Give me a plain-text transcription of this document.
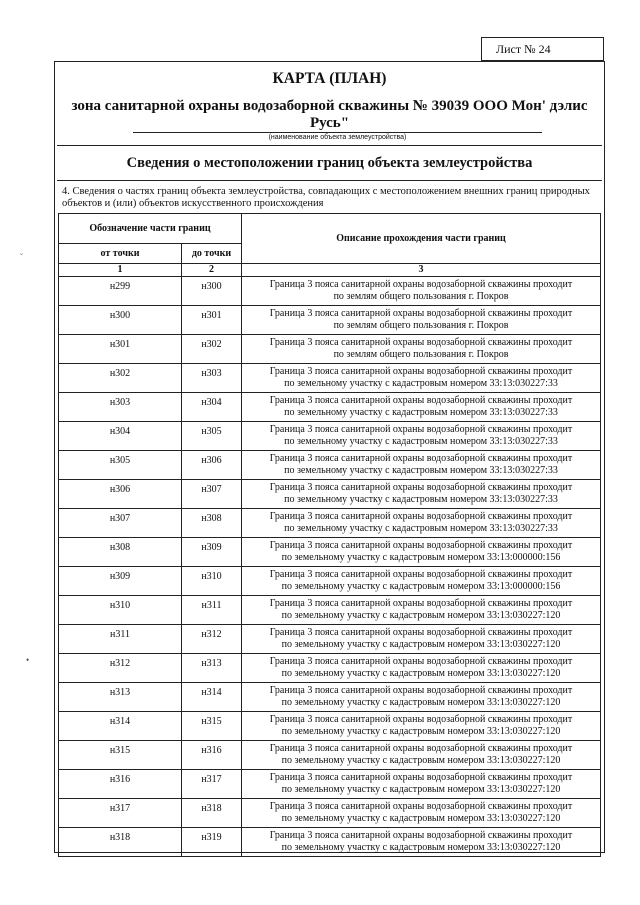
Лист № 24
КАРТА (ПЛАН)
зона санитарной охраны водозаборной скважины № 39039 ООО Мон' дэлис Русь"
(наименование объекта землеустройства)
Сведения о местоположении границ объекта землеустройства
4. Сведения о частях границ объекта землеустройства, совпадающих с местоположением внешних границ природных объектов и (или) объектов искусственного происхождения
Обозначение части границ		Описание прохождения части границ
от точки	до точки	
1	2	3
н299	н300	Граница 3 пояса санитарной охраны водозаборной скважины проходит
по землям общего пользования г. Покров

н300	н301	Граница 3 пояса санитарной охраны водозаборной скважины проходит
по землям общего пользования г. Покров

н301	н302	Граница 3 пояса санитарной охраны водозаборной скважины проходит
по землям общего пользования г. Покров

н302	н303	Граница 3 пояса санитарной охраны водозаборной скважины проходит
по земельному участку с кадастровым номером 33:13:030227:33

н303	н304	Граница 3 пояса санитарной охраны водозаборной скважины проходит
по земельному участку с кадастровым номером 33:13:030227:33

н304	н305	Граница 3 пояса санитарной охраны водозаборной скважины проходит
по земельному участку с кадастровым номером 33:13:030227:33

н305	н306	Граница 3 пояса санитарной охраны водозаборной скважины проходит
по земельному участку с кадастровым номером 33:13:030227:33

н306	н307	Граница 3 пояса санитарной охраны водозаборной скважины проходит
по земельному участку с кадастровым номером 33:13:030227:33

н307	н308	Граница 3 пояса санитарной охраны водозаборной скважины проходит
по земельному участку с кадастровым номером 33:13:030227:33

н308	н309	Граница 3 пояса санитарной охраны водозаборной скважины проходит
по земельному участку с кадастровым номером 33:13:000000:156

н309	н310	Граница 3 пояса санитарной охраны водозаборной скважины проходит
по земельному участку с кадастровым номером 33:13:000000:156

н310	н311	Граница 3 пояса санитарной охраны водозаборной скважины проходит
по земельному участку с кадастровым номером 33:13:030227:120

н311	н312	Граница 3 пояса санитарной охраны водозаборной скважины проходит
по земельному участку с кадастровым номером 33:13:030227:120

н312	н313	Граница 3 пояса санитарной охраны водозаборной скважины проходит
по земельному участку с кадастровым номером 33:13:030227:120

н313	н314	Граница 3 пояса санитарной охраны водозаборной скважины проходит
по земельному участку с кадастровым номером 33:13:030227:120

н314	н315	Граница 3 пояса санитарной охраны водозаборной скважины проходит
по земельному участку с кадастровым номером 33:13:030227:120

н315	н316	Граница 3 пояса санитарной охраны водозаборной скважины проходит
по земельному участку с кадастровым номером 33:13:030227:120

н316	н317	Граница 3 пояса санитарной охраны водозаборной скважины проходит
по земельному участку с кадастровым номером 33:13:030227:120

н317	н318	Граница 3 пояса санитарной охраны водозаборной скважины проходит
по земельному участку с кадастровым номером 33:13:030227:120

н318	н319	Граница 3 пояса санитарной охраны водозаборной скважины проходит
по земельному участку с кадастровым номером 33:13:030227:120
˘
•
